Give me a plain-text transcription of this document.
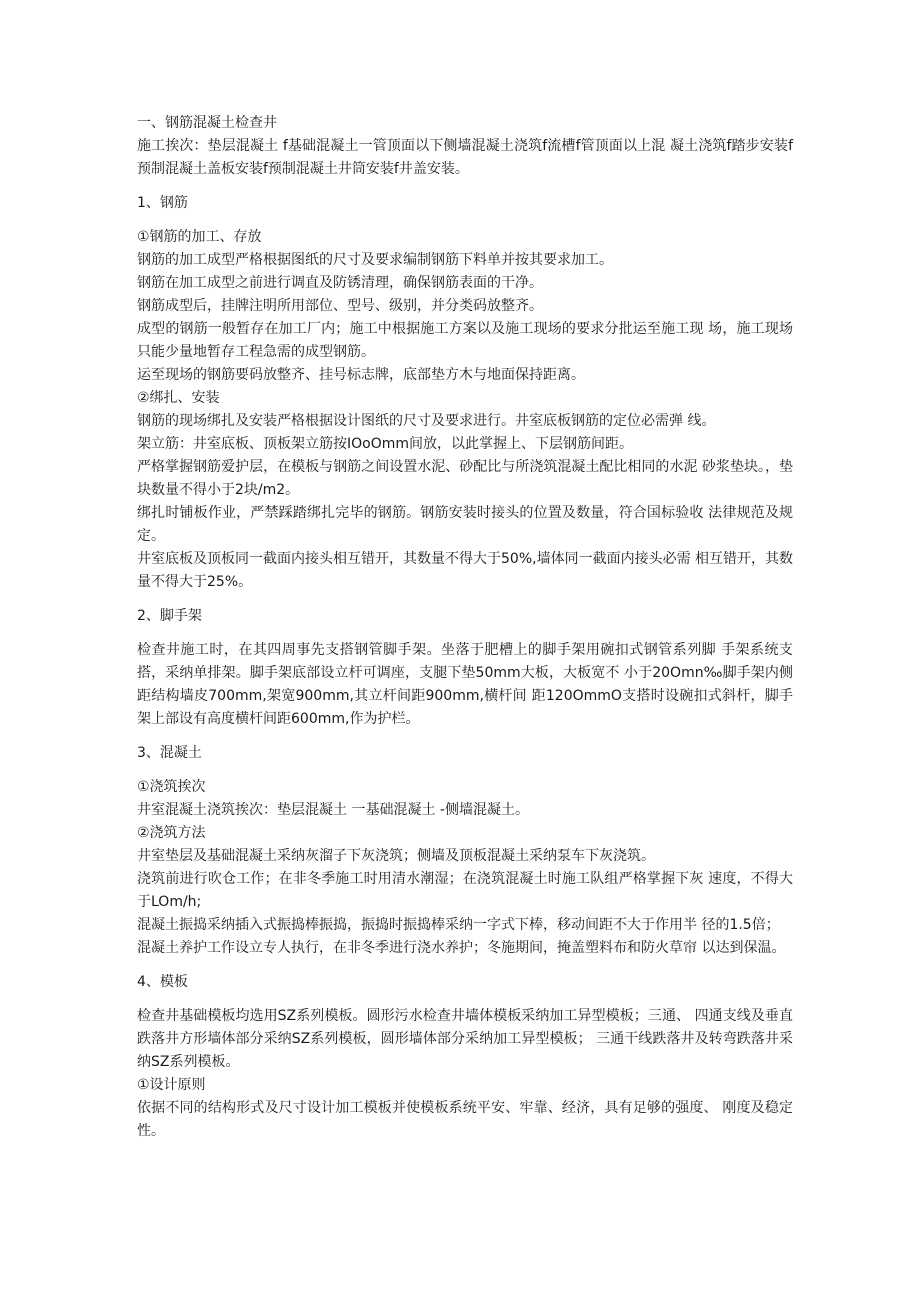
一、钢筋混凝土检查井

施工挨次：垫层混凝土 f基础混凝土一管顶面以下侧墙混凝土浇筑f流槽f管顶面以上混 凝土浇筑f踏步安装f预制混凝土盖板安装f预制混凝土井筒安装f井盖安装。

1、钢筋

①钢筋的加工、存放

钢筋的加工成型严格根据图纸的尺寸及要求编制钢筋下料单并按其要求加工。

钢筋在加工成型之前进行调直及防锈清理，确保钢筋表面的干净。

钢筋成型后，挂牌注明所用部位、型号、级别，并分类码放整齐。

成型的钢筋一般暂存在加工厂内；施工中根据施工方案以及施工现场的要求分批运至施工现 场，施工现场只能少量地暂存工程急需的成型钢筋。

运至现场的钢筋要码放整齐、挂号标志牌，底部垫方木与地面保持距离。

②绑扎、安装

钢筋的现场绑扎及安装严格根据设计图纸的尺寸及要求进行。井室底板钢筋的定位必需弹 线。

架立筋：井室底板、顶板架立筋按IOoOmm间放，以此掌握上、下层钢筋间距。

严格掌握钢筋爱护层，在模板与钢筋之间设置水泥、砂配比与所浇筑混凝土配比相同的水泥 砂浆垫块。，垫块数量不得小于2块/m2。

绑扎时铺板作业，严禁踩踏绑扎完毕的钢筋。钢筋安装时接头的位置及数量，符合国标验收 法律规范及规定。

井室底板及顶板同一截面内接头相互错开，其数量不得大于50%,墙体同一截面内接头必需 相互错开，其数量不得大于25%。

2、脚手架

检查井施工时，在其四周事先支搭钢管脚手架。坐落于肥槽上的脚手架用碗扣式钢管系列脚 手架系统支搭，采纳单排架。脚手架底部设立杆可调座，支腿下垫50mm大板，大板宽不 小于20Omn‰脚手架内侧距结构墙皮700mm,架宽900mm,其立杆间距900mm,横杆间 距120OmmO支搭时设碗扣式斜杆，脚手架上部设有高度横杆间距600mm,作为护栏。

3、混凝土

①浇筑挨次

井室混凝土浇筑挨次：垫层混凝土 一基础混凝土 -侧墙混凝土。

②浇筑方法

井室垫层及基础混凝土采纳灰溜子下灰浇筑；侧墙及顶板混凝土采纳泵车下灰浇筑。

浇筑前进行吹仓工作；在非冬季施工时用清水潮湿；在浇筑混凝土时施工队组严格掌握下灰 速度，不得大于LOm/h;

混凝土振捣采纳插入式振捣棒振捣，振捣时振捣棒采纳一字式下棒，移动间距不大于作用半 径的1.5倍；

混凝土养护工作设立专人执行，在非冬季进行浇水养护；冬施期间，掩盖塑料布和防火草帘 以达到保温。

4、模板

检查井基础模板均选用SZ系列模板。圆形污水检查井墙体模板采纳加工异型模板；三通、 四通支线及垂直跌落井方形墙体部分采纳SZ系列模板，圆形墙体部分采纳加工异型模板； 三通干线跌落井及转弯跌落井采纳SZ系列模板。

①设计原则

依据不同的结构形式及尺寸设计加工模板并使模板系统平安、牢靠、经济，具有足够的强度、 刚度及稳定性。
